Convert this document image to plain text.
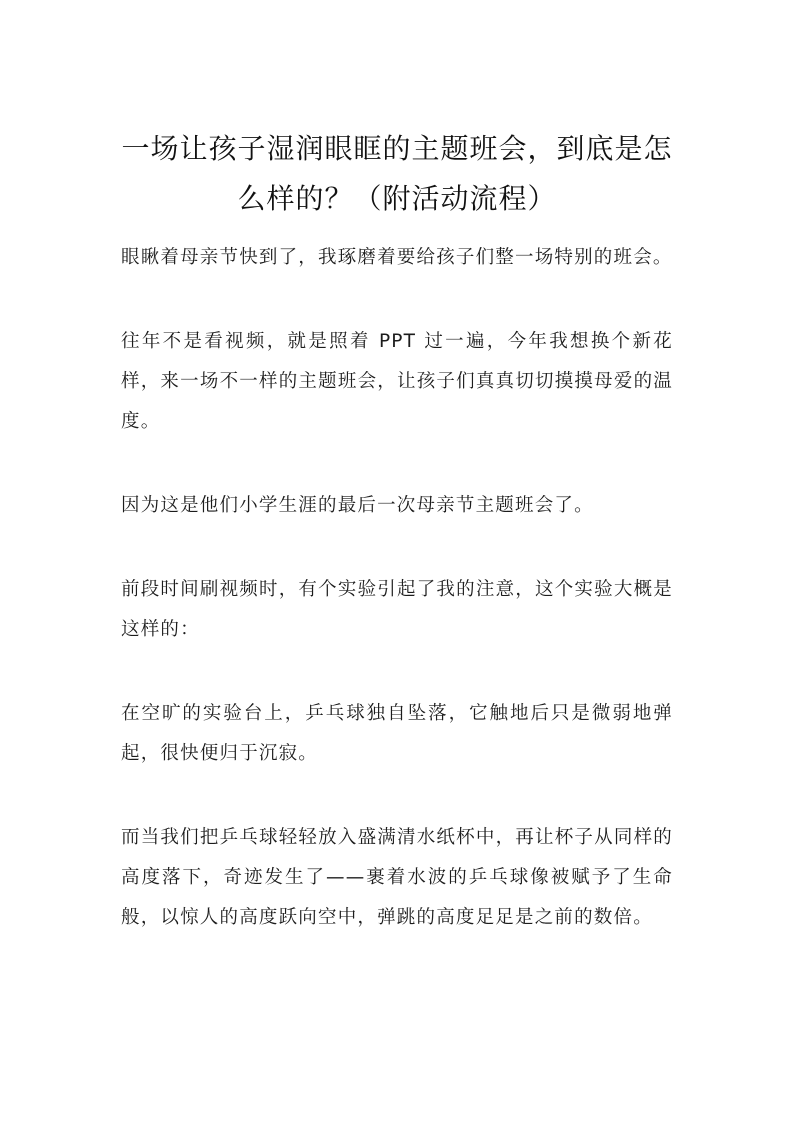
一场让孩子湿润眼眶的主题班会，到底是怎么样的？（附活动流程）

眼瞅着母亲节快到了，我琢磨着要给孩子们整一场特别的班会。

往年不是看视频，就是照着 PPT 过一遍，今年我想换个新花样，来一场不一样的主题班会，让孩子们真真切切摸摸母爱的温度。

因为这是他们小学生涯的最后一次母亲节主题班会了。

前段时间刷视频时，有个实验引起了我的注意，这个实验大概是这样的：

在空旷的实验台上，乒乓球独自坠落，它触地后只是微弱地弹起，很快便归于沉寂。

而当我们把乒乓球轻轻放入盛满清水纸杯中，再让杯子从同样的高度落下，奇迹发生了——裹着水波的乒乓球像被赋予了生命般，以惊人的高度跃向空中，弹跳的高度足足是之前的数倍。
